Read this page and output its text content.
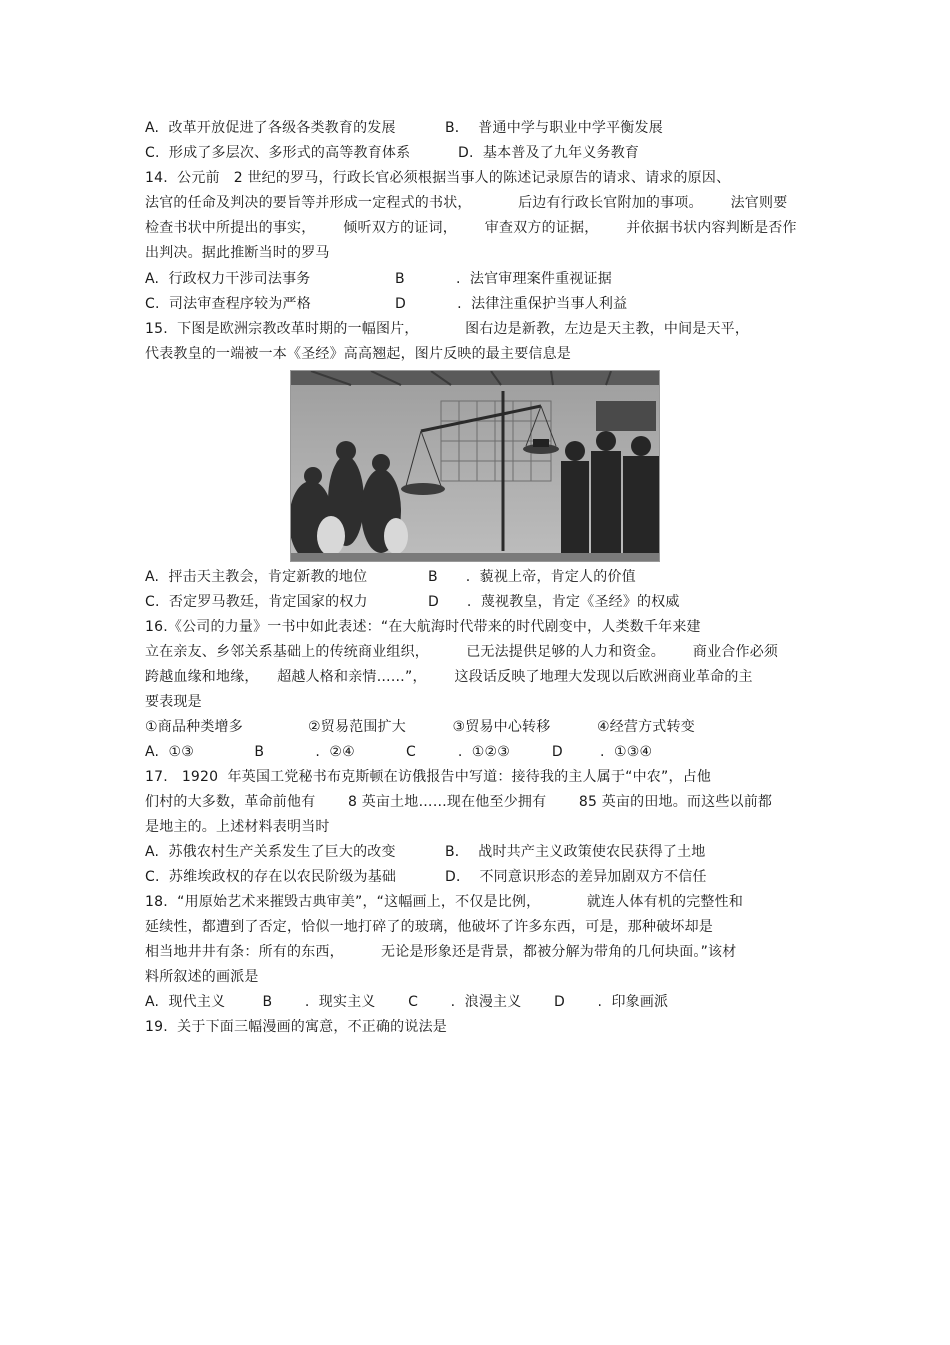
A.  改革开放促进了各级各类教育的发展	B．  普通中学与职业中学平衡发展
C.  形成了多层次、多形式的高等教育体系	D.  基本普及了九年义务教育
14.  公元前   2 世纪的罗马，行政长官必须根据当事人的陈述记录原告的请求、请求的原因、
法官的任命及判决的要旨等并形成一定程式的书状，          后边有行政长官附加的事项。      法官则要
检查书状中所提出的事实，      倾听双方的证词，      审查双方的证据，      并依据书状内容判断是否作
出判决。据此推断当时的罗马
A.  行政权力干涉司法事务	B           .  法官审理案件重视证据
C.  司法审查程序较为严格	D           .  法律注重保护当事人利益
15.  下图是欧洲宗教改革时期的一幅图片，          图右边是新教，左边是天主教，中间是天平，
代表教皇的一端被一本《圣经》高高翘起，图片反映的最主要信息是
A.  抨击天主教会，肯定新教的地位	B      .  藐视上帝，肯定人的价值
C.  否定罗马教廷，肯定国家的权力	D      .  蔑视教皇，肯定《圣经》的权威
16.《公司的力量》一书中如此表述：“在大航海时代带来的时代剧变中，人类数千年来建
立在亲友、乡邻关系基础上的传统商业组织，        已无法提供足够的人力和资金。      商业合作必须
跨越血缘和地缘，    超越人格和亲情……”，      这段话反映了地理大发现以后欧洲商业革命的主
要表现是
①商品种类增多              ②贸易范围扩大          ③贸易中心转移          ④经营方式转变
A.  ①③             B           .  ②④           C         .  ①②③         D        .  ①③④
17.   1920  年英国工党秘书布克斯顿在访俄报告中写道：接待我的主人属于“中农”，占他
们村的大多数，革命前他有       8 英亩土地……现在他至少拥有       85 英亩的田地。而这些以前都
是地主的。上述材料表明当时
A.  苏俄农村生产关系发生了巨大的改变	B．  战时共产主义政策使农民获得了土地
C.  苏维埃政权的存在以农民阶级为基础	D．  不同意识形态的差异加剧双方不信任
18.  “用原始艺术来摧毁古典审美”，“这幅画上，不仅是比例，          就连人体有机的完整性和
延续性，都遭到了否定，恰似一地打碎了的玻璃，他破坏了许多东西，可是，那种破坏却是
相当地井井有条：所有的东西，        无论是形象还是背景，都被分解为带角的几何块面。”该材
料所叙述的画派是
A.  现代主义        B       .  现实主义       C       .  浪漫主义       D       .  印象画派
19.  关于下面三幅漫画的寓意，不正确的说法是
